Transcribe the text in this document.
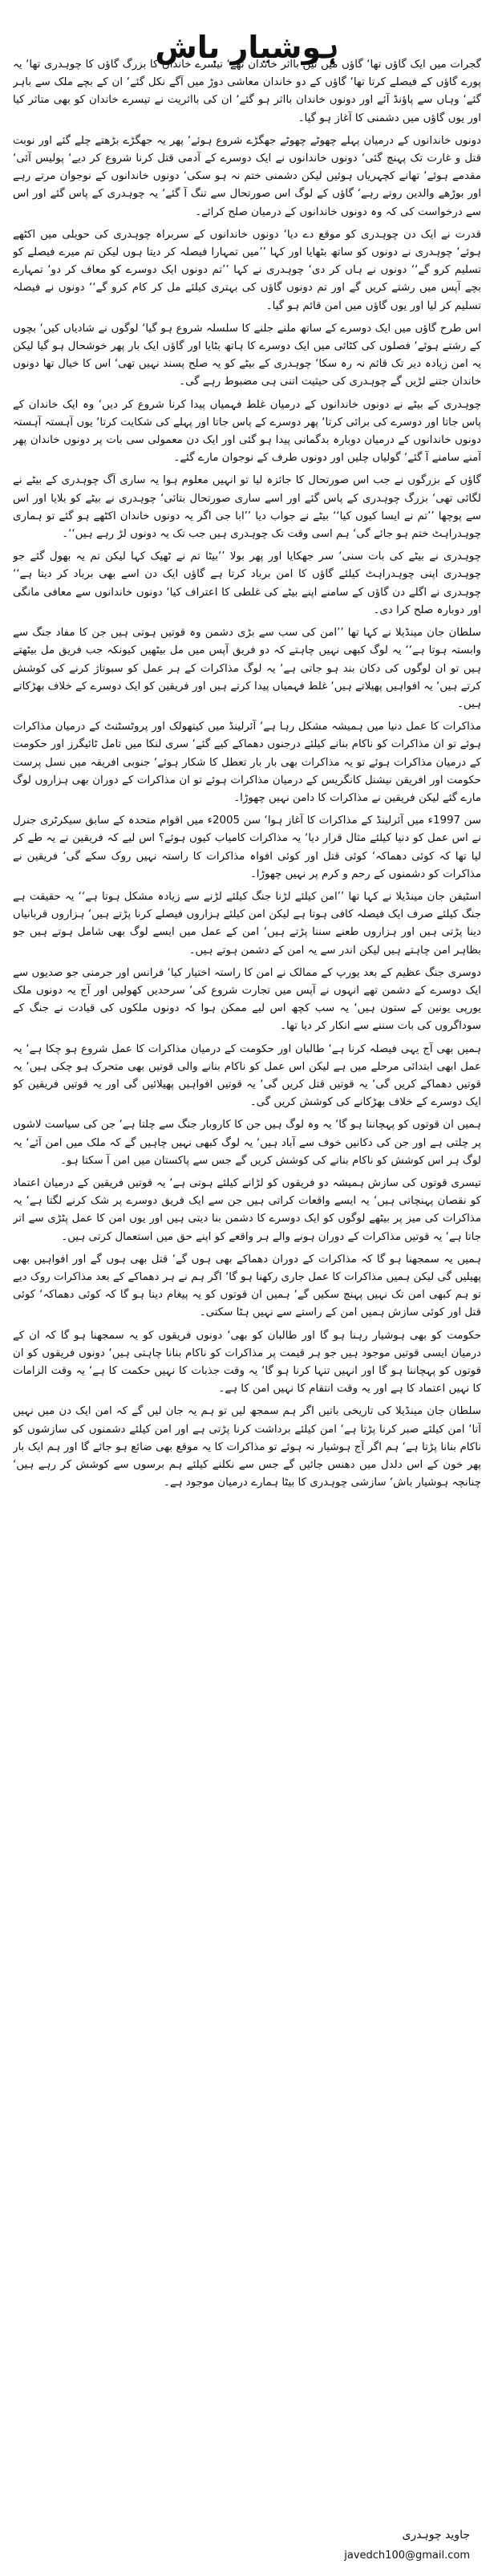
ہوشیار باش

گجرات میں ایک گاؤں تھا‘ گاؤں میں تین بااثر خاندان تھے‘ تیسرے خاندان کا بزرگ گاؤں کا چوہدری تھا‘ یہ پورے گاؤں کے فیصلے کرتا تھا‘ گاؤں کے دو خاندان معاشی دوڑ میں آگے نکل گئے‘ ان کے بچے ملک سے باہر گئے‘ وہاں سے پاؤنڈ آئے اور دونوں خاندان بااثر ہو گئے‘ ان کی بااثریت نے تیسرے خاندان کو بھی متاثر کیا اور یوں گاؤں میں دشمنی کا آغاز ہو گیا۔

دونوں خاندانوں کے درمیان پہلے چھوٹے چھوٹے جھگڑے شروع ہوئے‘ پھر یہ جھگڑے بڑھتے چلے گئے اور نوبت قتل و غارت تک پہنچ گئی‘ دونوں خاندانوں نے ایک دوسرے کے آدمی قتل کرنا شروع کر دیے‘ پولیس آئی‘ مقدمے ہوئے‘ تھانے کچہریاں ہوئیں لیکن دشمنی ختم نہ ہو سکی‘ دونوں خاندانوں کے نوجوان مرتے رہے اور بوڑھے والدین روتے رہے‘ گاؤں کے لوگ اس صورتحال سے تنگ آ گئے‘ یہ چوہدری کے پاس گئے اور اس سے درخواست کی کہ وہ دونوں خاندانوں کے درمیان صلح کرائے۔

قدرت نے ایک دن چوہدری کو موقع دے دیا‘ دونوں خاندانوں کے سربراہ چوہدری کی حویلی میں اکٹھے ہوئے‘ چوہدری نے دونوں کو ساتھ بٹھایا اور کہا ’’میں تمہارا فیصلہ کر دیتا ہوں لیکن تم میرے فیصلے کو تسلیم کرو گے‘‘ دونوں نے ہاں کر دی‘ چوہدری نے کہا ’’تم دونوں ایک دوسرے کو معاف کر دو‘ تمہارے بچے آپس میں رشتے کریں گے اور تم دونوں گاؤں کی بہتری کیلئے مل کر کام کرو گے‘‘ دونوں نے فیصلہ تسلیم کر لیا اور یوں گاؤں میں امن قائم ہو گیا۔

اس طرح گاؤں میں ایک دوسرے کے ساتھ ملنے جلنے کا سلسلہ شروع ہو گیا‘ لوگوں نے شادیاں کیں‘ بچوں کے رشتے ہوئے‘ فصلوں کی کٹائی میں ایک دوسرے کا ہاتھ بٹایا اور گاؤں ایک بار پھر خوشحال ہو گیا لیکن یہ امن زیادہ دیر تک قائم نہ رہ سکا‘ چوہدری کے بیٹے کو یہ صلح پسند نہیں تھی‘ اس کا خیال تھا دونوں خاندان جتنے لڑیں گے چوہدری کی حیثیت اتنی ہی مضبوط رہے گی۔

چوہدری کے بیٹے نے دونوں خاندانوں کے درمیان غلط فہمیاں پیدا کرنا شروع کر دیں‘ وہ ایک خاندان کے پاس جاتا اور دوسرے کی برائی کرتا‘ پھر دوسرے کے پاس جاتا اور پہلے کی شکایت کرتا‘ یوں آہستہ آہستہ دونوں خاندانوں کے درمیان دوبارہ بدگمانی پیدا ہو گئی اور ایک دن معمولی سی بات پر دونوں خاندان پھر آمنے سامنے آ گئے‘ گولیاں چلیں اور دونوں طرف کے نوجوان مارے گئے۔

گاؤں کے بزرگوں نے جب اس صورتحال کا جائزہ لیا تو انہیں معلوم ہوا یہ ساری آگ چوہدری کے بیٹے نے لگائی تھی‘ بزرگ چوہدری کے پاس گئے اور اسے ساری صورتحال بتائی‘ چوہدری نے بیٹے کو بلایا اور اس سے پوچھا ’’تم نے ایسا کیوں کیا‘‘ بیٹے نے جواب دیا ’’ابا جی اگر یہ دونوں خاندان اکٹھے ہو گئے تو ہماری چوہدراہٹ ختم ہو جائے گی‘ ہم اسی وقت تک چوہدری ہیں جب تک یہ دونوں لڑ رہے ہیں‘‘۔

چوہدری نے بیٹے کی بات سنی‘ سر جھکایا اور پھر بولا ’’بیٹا تم نے ٹھیک کہا لیکن تم یہ بھول گئے جو چوہدری اپنی چوہدراہٹ کیلئے گاؤں کا امن برباد کرتا ہے گاؤں ایک دن اسے بھی برباد کر دیتا ہے‘‘ چوہدری نے اگلے دن گاؤں کے سامنے اپنے بیٹے کی غلطی کا اعتراف کیا‘ دونوں خاندانوں سے معافی مانگی اور دوبارہ صلح کرا دی۔

سلطان جان مینڈیلا نے کہا تھا ’’امن کی سب سے بڑی دشمن وہ قوتیں ہوتی ہیں جن کا مفاد جنگ سے وابستہ ہوتا ہے‘‘ یہ لوگ کبھی نہیں چاہتے کہ دو فریق آپس میں مل بیٹھیں کیونکہ جب فریق مل بیٹھتے ہیں تو ان لوگوں کی دکان بند ہو جاتی ہے‘ یہ لوگ مذاکرات کے ہر عمل کو سبوتاژ کرنے کی کوشش کرتے ہیں‘ یہ افواہیں پھیلاتے ہیں‘ غلط فہمیاں پیدا کرتے ہیں اور فریقین کو ایک دوسرے کے خلاف بھڑکاتے ہیں۔

مذاکرات کا عمل دنیا میں ہمیشہ مشکل رہا ہے‘ آئرلینڈ میں کیتھولک اور پروٹسٹنٹ کے درمیان مذاکرات ہوئے تو ان مذاکرات کو ناکام بنانے کیلئے درجنوں دھماکے کیے گئے‘ سری لنکا میں تامل ٹائیگرز اور حکومت کے درمیان مذاکرات ہوئے تو یہ مذاکرات بھی بار بار تعطل کا شکار ہوئے‘ جنوبی افریقہ میں نسل پرست حکومت اور افریقن نیشنل کانگریس کے درمیان مذاکرات ہوئے تو ان مذاکرات کے دوران بھی ہزاروں لوگ مارے گئے لیکن فریقین نے مذاکرات کا دامن نہیں چھوڑا۔

سن 1997ء میں آئرلینڈ کے مذاکرات کا آغاز ہوا‘ سن 2005ء میں اقوام متحدہ کے سابق سیکرٹری جنرل نے اس عمل کو دنیا کیلئے مثال قرار دیا‘ یہ مذاکرات کامیاب کیوں ہوئے؟ اس لیے کہ فریقین نے یہ طے کر لیا تھا کہ کوئی دھماکہ‘ کوئی قتل اور کوئی افواہ مذاکرات کا راستہ نہیں روک سکے گی‘ فریقین نے مذاکرات کو دشمنوں کے رحم و کرم پر نہیں چھوڑا۔

اسٹیفن جان مینڈیلا نے کہا تھا ’’امن کیلئے لڑنا جنگ کیلئے لڑنے سے زیادہ مشکل ہوتا ہے‘‘ یہ حقیقت ہے جنگ کیلئے صرف ایک فیصلہ کافی ہوتا ہے لیکن امن کیلئے ہزاروں فیصلے کرنا پڑتے ہیں‘ ہزاروں قربانیاں دینا پڑتی ہیں اور ہزاروں طعنے سننا پڑتے ہیں‘ امن کے عمل میں ایسے لوگ بھی شامل ہوتے ہیں جو بظاہر امن چاہتے ہیں لیکن اندر سے یہ امن کے دشمن ہوتے ہیں۔

دوسری جنگ عظیم کے بعد یورپ کے ممالک نے امن کا راستہ اختیار کیا‘ فرانس اور جرمنی جو صدیوں سے ایک دوسرے کے دشمن تھے انہوں نے آپس میں تجارت شروع کی‘ سرحدیں کھولیں اور آج یہ دونوں ملک یورپی یونین کے ستون ہیں‘ یہ سب کچھ اس لیے ممکن ہوا کہ دونوں ملکوں کی قیادت نے جنگ کے سوداگروں کی بات سننے سے انکار کر دیا تھا۔

ہمیں بھی آج یہی فیصلہ کرنا ہے‘ طالبان اور حکومت کے درمیان مذاکرات کا عمل شروع ہو چکا ہے‘ یہ عمل ابھی ابتدائی مرحلے میں ہے لیکن اس عمل کو ناکام بنانے والی قوتیں بھی متحرک ہو چکی ہیں‘ یہ قوتیں دھماکے کریں گی‘ یہ قوتیں قتل کریں گی‘ یہ قوتیں افواہیں پھیلائیں گی اور یہ قوتیں فریقین کو ایک دوسرے کے خلاف بھڑکانے کی کوشش کریں گی۔

ہمیں ان قوتوں کو پہچاننا ہو گا‘ یہ وہ لوگ ہیں جن کا کاروبار جنگ سے چلتا ہے‘ جن کی سیاست لاشوں پر چلتی ہے اور جن کی دکانیں خوف سے آباد ہیں‘ یہ لوگ کبھی نہیں چاہیں گے کہ ملک میں امن آئے‘ یہ لوگ ہر اس کوشش کو ناکام بنانے کی کوشش کریں گے جس سے پاکستان میں امن آ سکتا ہو۔

تیسری قوتوں کی سازش ہمیشہ دو فریقوں کو لڑانے کیلئے ہوتی ہے‘ یہ قوتیں فریقین کے درمیان اعتماد کو نقصان پہنچاتی ہیں‘ یہ ایسے واقعات کراتی ہیں جن سے ایک فریق دوسرے پر شک کرنے لگتا ہے‘ یہ مذاکرات کی میز پر بیٹھے لوگوں کو ایک دوسرے کا دشمن بنا دیتی ہیں اور یوں امن کا عمل پٹڑی سے اتر جاتا ہے‘ یہ قوتیں مذاکرات کے دوران ہونے والے ہر واقعے کو اپنے حق میں استعمال کرتی ہیں۔

ہمیں یہ سمجھنا ہو گا کہ مذاکرات کے دوران دھماکے بھی ہوں گے‘ قتل بھی ہوں گے اور افواہیں بھی پھیلیں گی لیکن ہمیں مذاکرات کا عمل جاری رکھنا ہو گا‘ اگر ہم نے ہر دھماکے کے بعد مذاکرات روک دیے تو ہم کبھی امن تک نہیں پہنچ سکیں گے‘ ہمیں ان قوتوں کو یہ پیغام دینا ہو گا کہ کوئی دھماکہ‘ کوئی قتل اور کوئی سازش ہمیں امن کے راستے سے نہیں ہٹا سکتی۔

حکومت کو بھی ہوشیار رہنا ہو گا اور طالبان کو بھی‘ دونوں فریقوں کو یہ سمجھنا ہو گا کہ ان کے درمیان ایسی قوتیں موجود ہیں جو ہر قیمت پر مذاکرات کو ناکام بنانا چاہتی ہیں‘ دونوں فریقوں کو ان قوتوں کو پہچاننا ہو گا اور انہیں تنہا کرنا ہو گا‘ یہ وقت جذبات کا نہیں حکمت کا ہے‘ یہ وقت الزامات کا نہیں اعتماد کا ہے اور یہ وقت انتقام کا نہیں امن کا ہے۔

سلطان جان مینڈیلا کی تاریخی باتیں اگر ہم سمجھ لیں تو ہم یہ جان لیں گے کہ امن ایک دن میں نہیں آتا‘ امن کیلئے صبر کرنا پڑتا ہے‘ امن کیلئے برداشت کرنا پڑتی ہے اور امن کیلئے دشمنوں کی سازشوں کو ناکام بنانا پڑتا ہے‘ ہم اگر آج ہوشیار نہ ہوئے تو مذاکرات کا یہ موقع بھی ضائع ہو جائے گا اور ہم ایک بار پھر خون کے اس دلدل میں دھنس جائیں گے جس سے نکلنے کیلئے ہم برسوں سے کوشش کر رہے ہیں‘ چنانچہ ہوشیار باش‘ سازشی چوہدری کا بیٹا ہمارے درمیان موجود ہے۔

جاوید چوہدری
javedch100@gmail.com
